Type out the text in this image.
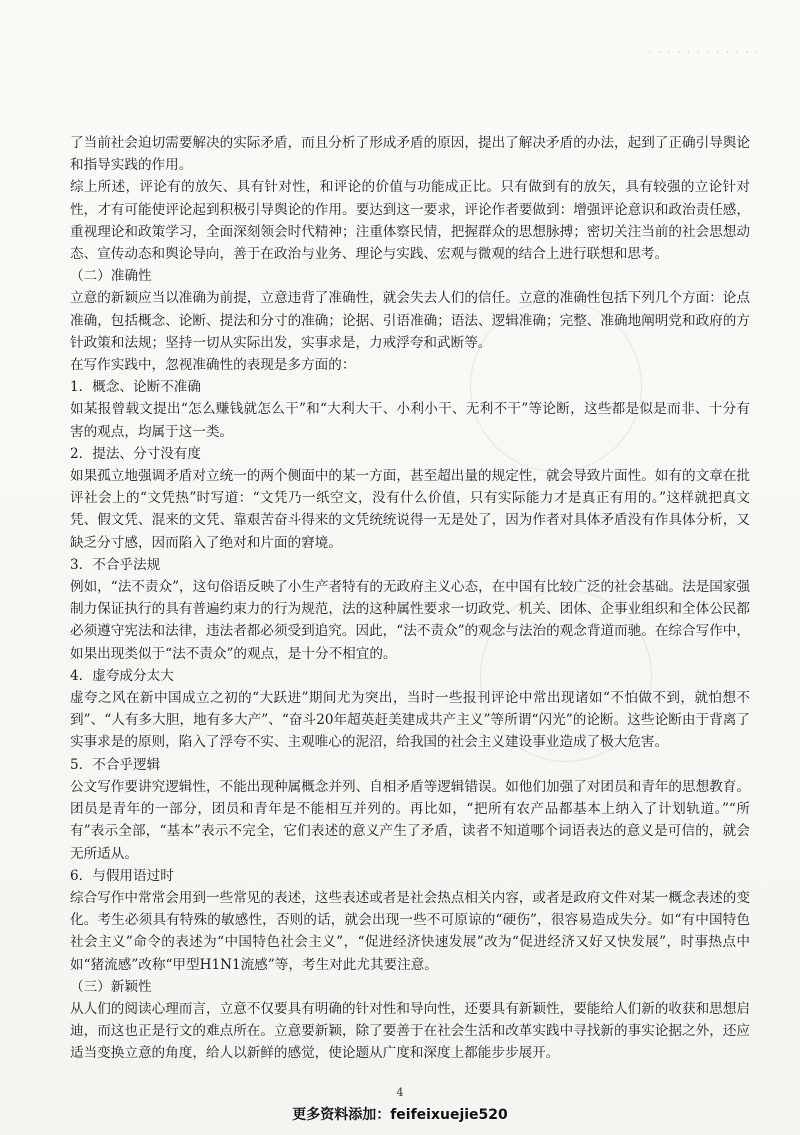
· · · · · · · · · · · ·

了当前社会迫切需要解决的实际矛盾，而且分析了形成矛盾的原因，提出了解决矛盾的办法，起到了正确引导舆论和指导实践的作用。

综上所述，评论有的放矢、具有针对性，和评论的价值与功能成正比。只有做到有的放矢，具有较强的立论针对性，才有可能使评论起到积极引导舆论的作用。要达到这一要求，评论作者要做到：增强评论意识和政治责任感，重视理论和政策学习，全面深刻领会时代精神；注重体察民情，把握群众的思想脉搏；密切关注当前的社会思想动态、宣传动态和舆论导向，善于在政治与业务、理论与实践、宏观与微观的结合上进行联想和思考。

（二）准确性

立意的新颖应当以准确为前提，立意违背了准确性，就会失去人们的信任。立意的准确性包括下列几个方面：论点准确，包括概念、论断、提法和分寸的准确；论据、引语准确；语法、逻辑准确；完整、准确地阐明党和政府的方针政策和法规；坚持一切从实际出发，实事求是，力戒浮夸和武断等。

在写作实践中，忽视准确性的表现是多方面的：

1．概念、论断不准确

如某报曾载文提出“怎么赚钱就怎么干”和“大利大干、小利小干、无利不干”等论断，这些都是似是而非、十分有害的观点，均属于这一类。

2．提法、分寸没有度

如果孤立地强调矛盾对立统一的两个侧面中的某一方面，甚至超出量的规定性，就会导致片面性。如有的文章在批评社会上的“文凭热”时写道：“文凭乃一纸空文，没有什么价值，只有实际能力才是真正有用的。”这样就把真文凭、假文凭、混来的文凭、靠艰苦奋斗得来的文凭统统说得一无是处了，因为作者对具体矛盾没有作具体分析，又缺乏分寸感，因而陷入了绝对和片面的窘境。

3．不合乎法规

例如，“法不责众”，这句俗语反映了小生产者特有的无政府主义心态，在中国有比较广泛的社会基础。法是国家强制力保证执行的具有普遍约束力的行为规范，法的这种属性要求一切政党、机关、团体、企事业组织和全体公民都必须遵守宪法和法律，违法者都必须受到追究。因此，“法不责众”的观念与法治的观念背道而驰。在综合写作中，如果出现类似于“法不责众”的观点，是十分不相宜的。

4．虚夸成分太大

虚夸之风在新中国成立之初的“大跃进”期间尤为突出，当时一些报刊评论中常出现诸如“不怕做不到，就怕想不到”、“人有多大胆，地有多大产”、“奋斗20年超英赶美建成共产主义”等所谓“闪光”的论断。这些论断由于背离了实事求是的原则，陷入了浮夸不实、主观唯心的泥沼，给我国的社会主义建设事业造成了极大危害。

5．不合乎逻辑

公文写作要讲究逻辑性，不能出现种属概念并列、自相矛盾等逻辑错误。如他们加强了对团员和青年的思想教育。团员是青年的一部分，团员和青年是不能相互并列的。再比如，“把所有农产品都基本上纳入了计划轨道。”“所有”表示全部，“基本”表示不完全，它们表述的意义产生了矛盾，读者不知道哪个词语表达的意义是可信的，就会无所适从。

6．与假用语过时

综合写作中常常会用到一些常见的表述，这些表述或者是社会热点相关内容，或者是政府文件对某一概念表述的变化。考生必须具有特殊的敏感性，否则的话，就会出现一些不可原谅的“硬伤”，很容易造成失分。如“有中国特色社会主义”命令的表述为“中国特色社会主义”，“促进经济快速发展”改为“促进经济又好又快发展”，时事热点中如“猪流感”改称“甲型H1N1流感”等，考生对此尤其要注意。

（三）新颖性

从人们的阅读心理而言，立意不仅要具有明确的针对性和导向性，还要具有新颖性，要能给人们新的收获和思想启迪，而这也正是行文的难点所在。立意要新颖，除了要善于在社会生活和改革实践中寻找新的事实论据之外，还应适当变换立意的角度，给人以新鲜的感觉，使论题从广度和深度上都能步步展开。

4
更多资料添加：feifeixuejie520
